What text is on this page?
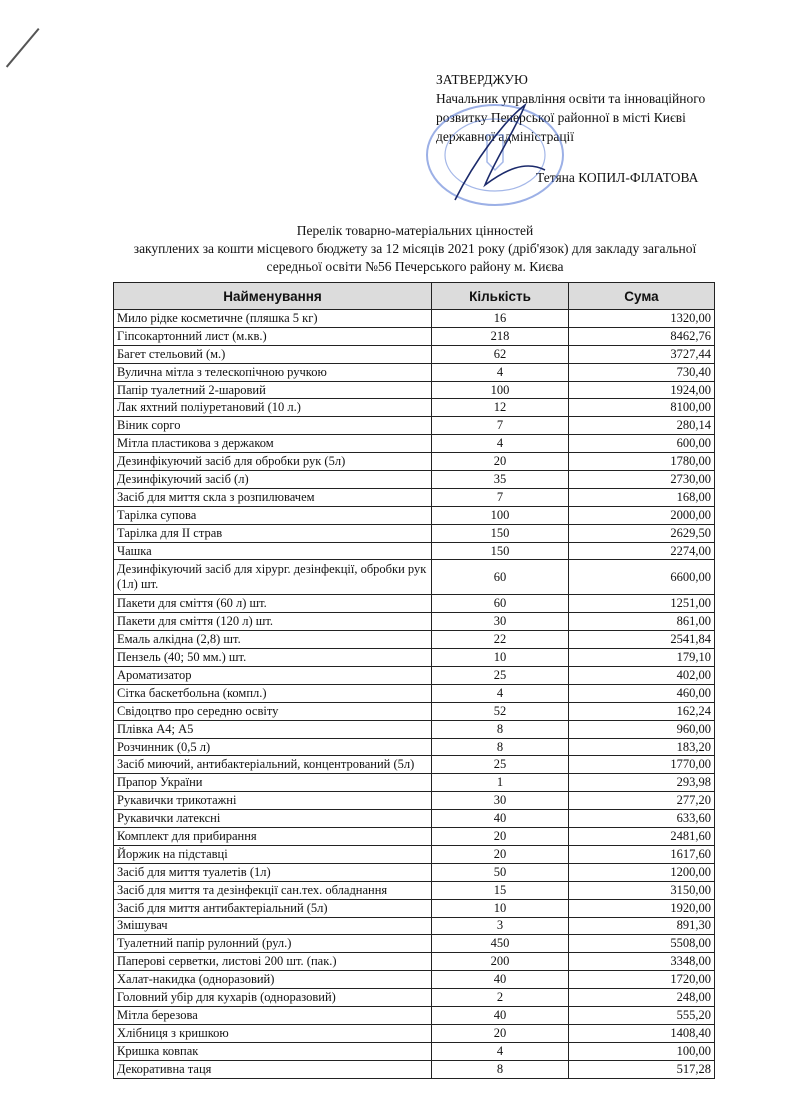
ЗАТВЕРДЖУЮ
Начальник управління освіти та інноваційного
розвитку Печерської районної в місті Києві
державної адміністрації
Тетяна КОПИЛ-ФІЛАТОВА
Перелік товарно-матеріальних цінностей
закуплених за кошти місцевого бюджету за 12 місяців 2021 року (дріб'язок) для закладу загальної
середньої освіти №56 Печерського району м. Києва
Найменування	Кількість	Сума
Мило рідке косметичне (пляшка 5 кг)	16	1320,00
Гіпсокартонний лист (м.кв.)	218	8462,76
Багет стельовий (м.)	62	3727,44
Вулична мітла з телескопічною ручкою	4	730,40
Папір туалетний 2-шаровий	100	1924,00
Лак яхтний поліуретановий (10 л.)	12	8100,00
Віник сорго	7	280,14
Мітла пластикова з держаком	4	600,00
Дезинфікуючий засіб для обробки рук (5л)	20	1780,00
Дезинфікуючий засіб (л)	35	2730,00
Засіб для миття скла з розпилювачем	7	168,00
Тарілка супова	100	2000,00
Тарілка для ІІ страв	150	2629,50
Чашка	150	2274,00
Дезинфікуючий засіб для хірург. дезінфекції, обробки рук (1л) шт.	60	6600,00
Пакети для сміття (60 л) шт.	60	1251,00
Пакети для сміття (120 л) шт.	30	861,00
Емаль алкідна (2,8) шт.	22	2541,84
Пензель (40; 50 мм.) шт.	10	179,10
Ароматизатор	25	402,00
Сітка баскетбольна (компл.)	4	460,00
Свідоцтво про середню освіту	52	162,24
Плівка А4; А5	8	960,00
Розчинник (0,5 л)	8	183,20
Засіб миючий, антибактеріальний, концентрований (5л)	25	1770,00
Прапор України	1	293,98
Рукавички трикотажні	30	277,20
Рукавички латексні	40	633,60
Комплект для прибирання	20	2481,60
Йоржик на підставці	20	1617,60
Засіб для миття туалетів (1л)	50	1200,00
Засіб для миття та дезінфекції сан.тех. обладнання	15	3150,00
Засіб для миття антибактеріальний (5л)	10	1920,00
Змішувач	3	891,30
Туалетний папір рулонний (рул.)	450	5508,00
Паперові серветки, листові 200 шт. (пак.)	200	3348,00
Халат-накидка (одноразовий)	40	1720,00
Головний убір для кухарів (одноразовий)	2	248,00
Мітла березова	40	555,20
Хлібниця з кришкою	20	1408,40
Кришка ковпак	4	100,00
Декоративна таця	8	517,28
